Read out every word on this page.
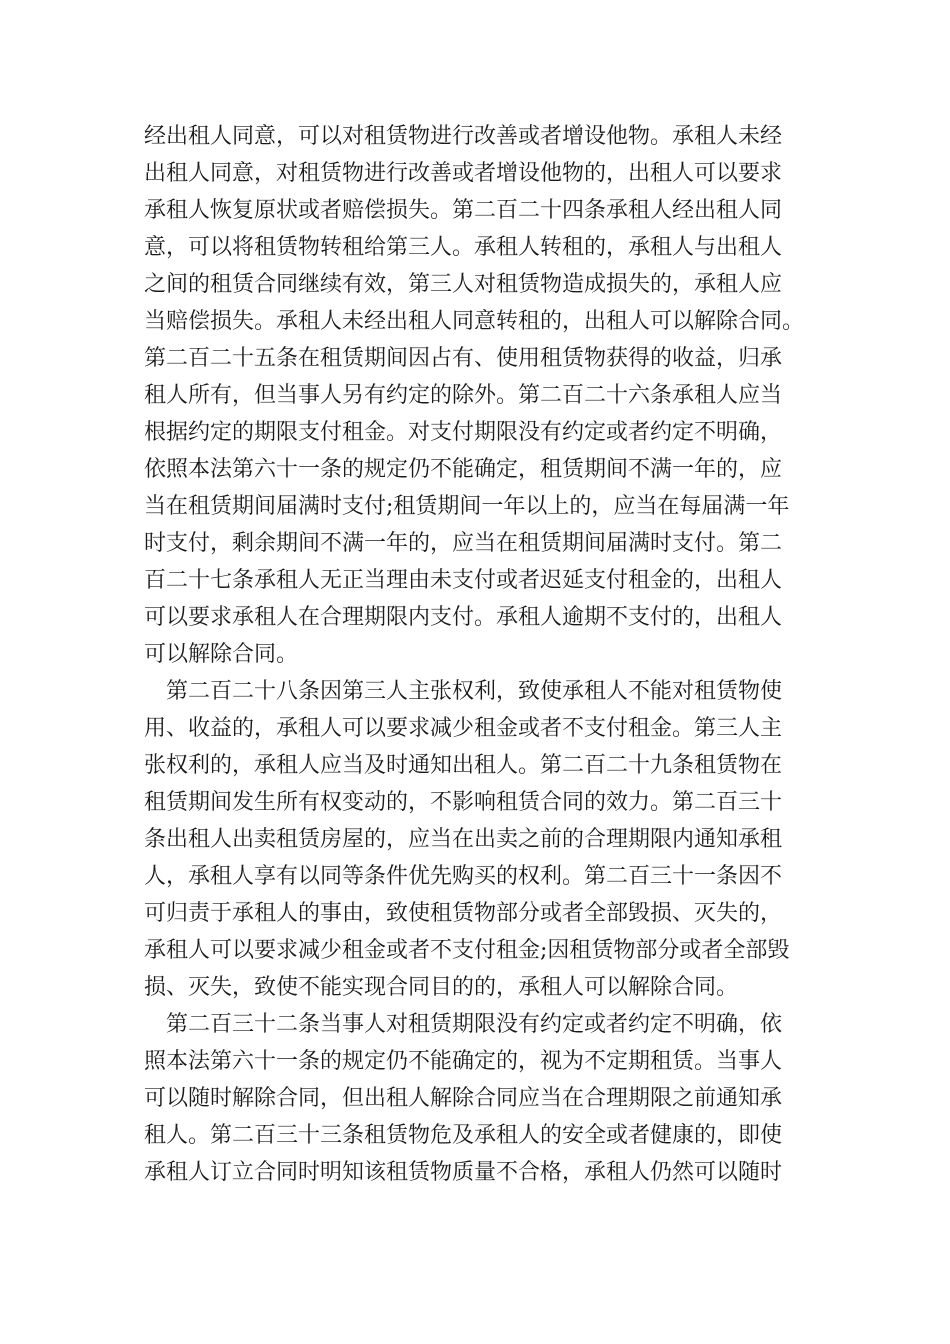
经出租人同意，可以对租赁物进行改善或者增设他物。承租人未经
出租人同意，对租赁物进行改善或者增设他物的，出租人可以要求
承租人恢复原状或者赔偿损失。第二百二十四条承租人经出租人同
意，可以将租赁物转租给第三人。承租人转租的，承租人与出租人
之间的租赁合同继续有效，第三人对租赁物造成损失的，承租人应
当赔偿损失。承租人未经出租人同意转租的，出租人可以解除合同。
第二百二十五条在租赁期间因占有、使用租赁物获得的收益，归承
租人所有，但当事人另有约定的除外。第二百二十六条承租人应当
根据约定的期限支付租金。对支付期限没有约定或者约定不明确，
依照本法第六十一条的规定仍不能确定，租赁期间不满一年的，应
当在租赁期间届满时支付;租赁期间一年以上的，应当在每届满一年
时支付，剩余期间不满一年的，应当在租赁期间届满时支付。第二
百二十七条承租人无正当理由未支付或者迟延支付租金的，出租人
可以要求承租人在合理期限内支付。承租人逾期不支付的，出租人
可以解除合同。
第二百二十八条因第三人主张权利，致使承租人不能对租赁物使
用、收益的，承租人可以要求减少租金或者不支付租金。第三人主
张权利的，承租人应当及时通知出租人。第二百二十九条租赁物在
租赁期间发生所有权变动的，不影响租赁合同的效力。第二百三十
条出租人出卖租赁房屋的，应当在出卖之前的合理期限内通知承租
人，承租人享有以同等条件优先购买的权利。第二百三十一条因不
可归责于承租人的事由，致使租赁物部分或者全部毁损、灭失的，
承租人可以要求减少租金或者不支付租金;因租赁物部分或者全部毁
损、灭失，致使不能实现合同目的的，承租人可以解除合同。
第二百三十二条当事人对租赁期限没有约定或者约定不明确，依
照本法第六十一条的规定仍不能确定的，视为不定期租赁。当事人
可以随时解除合同，但出租人解除合同应当在合理期限之前通知承
租人。第二百三十三条租赁物危及承租人的安全或者健康的，即使
承租人订立合同时明知该租赁物质量不合格，承租人仍然可以随时
